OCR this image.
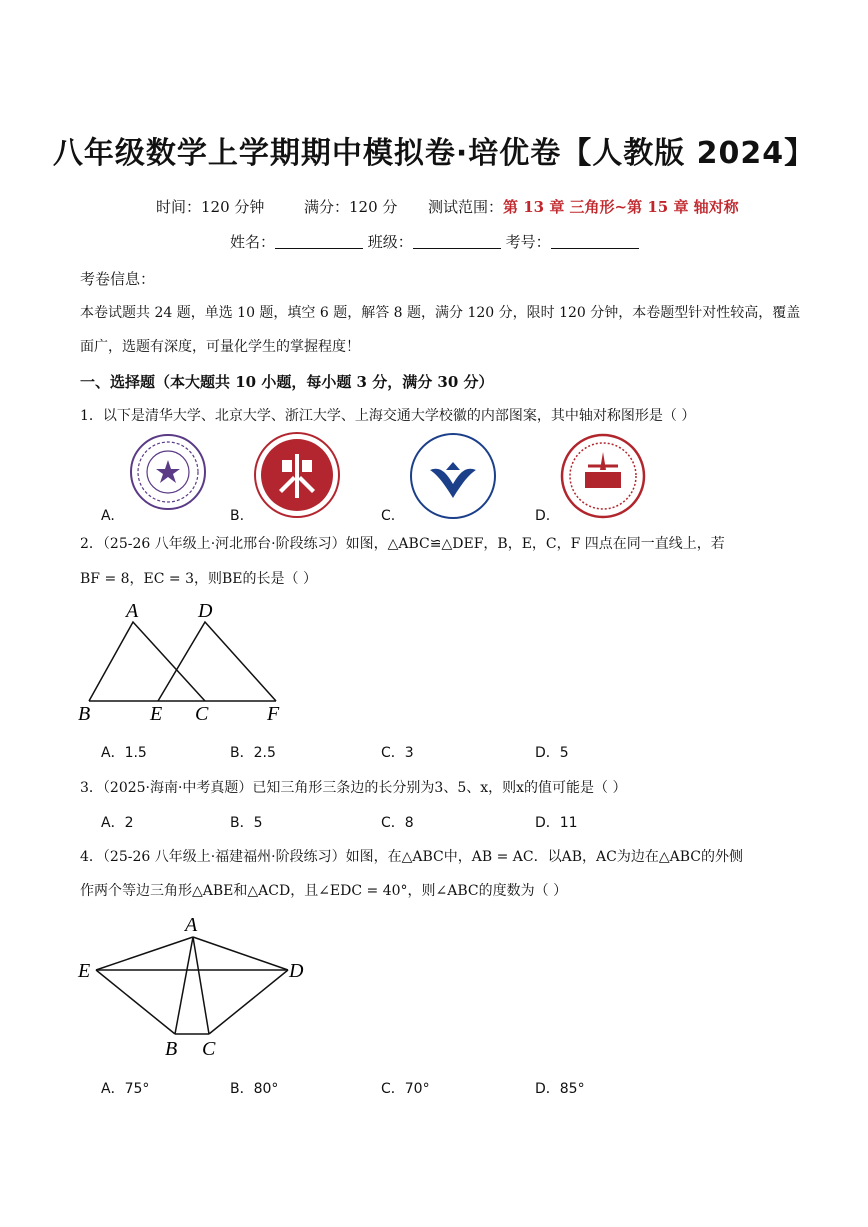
八年级数学上学期期中模拟卷·培优卷【人教版 2024】
时间：120 分钟	满分：120 分 测试范围：第 13 章 三角形~第 15 章 轴对称
姓名：	班级：	考号：
考卷信息：
本卷试题共 24 题，单选 10 题，填空 6 题，解答 8 题，满分 120 分，限时 120 分钟，本卷题型针对性较高，覆盖
面广，选题有深度，可量化学生的掌握程度！
一、选择题（本大题共 10 小题，每小题 3 分，满分 30 分）
1．以下是清华大学、北京大学、浙江大学、上海交通大学校徽的内部图案，其中轴对称图形是（ ）
A.	B.	C.	D.
2．（25-26 八年级上·河北邢台·阶段练习）如图，△ABC≌△DEF，B，E，C，F 四点在同一直线上，若
BF = 8，EC = 3，则BE的长是（ ）
A	D
B	E C	F
A．1.5	B．2.5	C．3	D．5
3．（2025·海南·中考真题）已知三角形三条边的长分别为3、5、x，则x的值可能是（ ）
A．2	B．5	C．8	D．11
4．（25-26 八年级上·福建福州·阶段练习）如图，在△ABC中，AB = AC．以AB，AC为边在△ABC的外侧
作两个等边三角形△ABE和△ACD，且∠EDC = 40°，则∠ABC的度数为（ ）
A
E	D
B C
A．75°	B．80°	C．70°	D．85°
